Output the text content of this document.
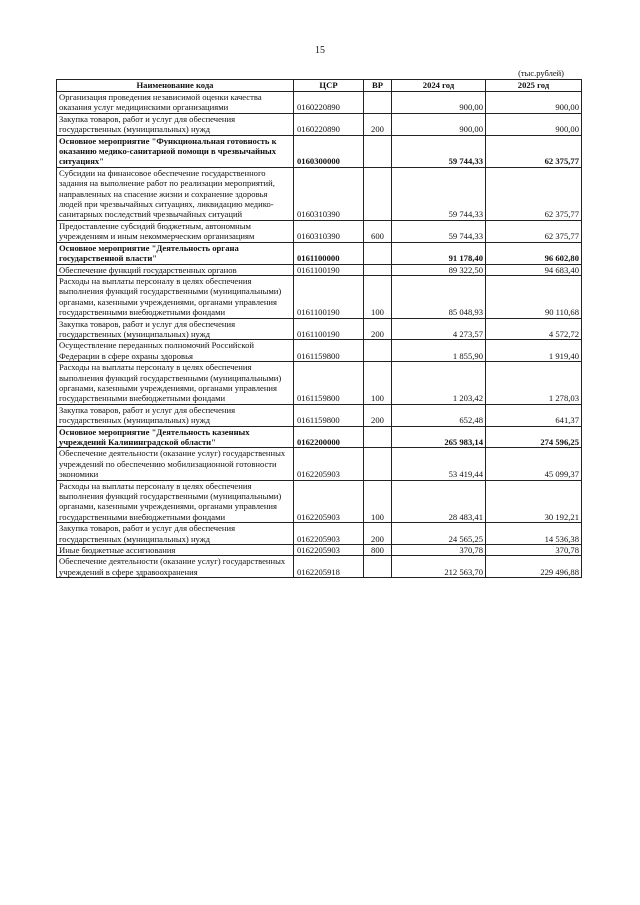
15
(тыс.рублей)
Наименование кода	ЦСР	ВР	2024 год	2025 год
Организация проведения независимой оценки качества оказания услуг медицинскими организациями	0160220890		900,00	900,00
Закупка товаров, работ и услуг для обеспечения государственных (муниципальных) нужд	0160220890	200	900,00	900,00
Основное мероприятие "Функциональная готовность к оказанию медико-санитарной помощи в чрезвычайных ситуациях"	0160300000		59 744,33	62 375,77
Субсидии на финансовое обеспечение государственного задания на выполнение работ по реализации мероприятий, направленных на спасение жизни и сохранение здоровья людей при чрезвычайных ситуациях, ликвидацию медико-санитарных последствий чрезвычайных ситуаций	0160310390		59 744,33	62 375,77
Предоставление субсидий бюджетным, автономным учреждениям и иным некоммерческим организациям	0160310390	600	59 744,33	62 375,77
Основное мероприятие "Деятельность органа государственной власти"	0161100000		91 178,40	96 602,80
Обеспечение функций государственных органов	0161100190		89 322,50	94 683,40
Расходы на выплаты персоналу в целях обеспечения выполнения функций государственными (муниципальными) органами, казенными учреждениями, органами управления государственными внебюджетными фондами	0161100190	100	85 048,93	90 110,68
Закупка товаров, работ и услуг для обеспечения государственных (муниципальных) нужд	0161100190	200	4 273,57	4 572,72
Осуществление переданных полномочий Российской Федерации в сфере охраны здоровья	0161159800		1 855,90	1 919,40
Расходы на выплаты персоналу в целях обеспечения выполнения функций государственными (муниципальными) органами, казенными учреждениями, органами управления государственными внебюджетными фондами	0161159800	100	1 203,42	1 278,03
Закупка товаров, работ и услуг для обеспечения государственных (муниципальных) нужд	0161159800	200	652,48	641,37
Основное мероприятие "Деятельность казенных учреждений Калининградской области"	0162200000		265 983,14	274 596,25
Обеспечение деятельности (оказание услуг) государственных учреждений по обеспечению мобилизационной готовности экономики	0162205903		53 419,44	45 099,37
Расходы на выплаты персоналу в целях обеспечения выполнения функций государственными (муниципальными) органами, казенными учреждениями, органами управления государственными внебюджетными фондами	0162205903	100	28 483,41	30 192,21
Закупка товаров, работ и услуг для обеспечения государственных (муниципальных) нужд	0162205903	200	24 565,25	14 536,38
Иные бюджетные ассигнования	0162205903	800	370,78	370,78
Обеспечение деятельности (оказание услуг) государственных учреждений в сфере здравоохранения	0162205918		212 563,70	229 496,88
